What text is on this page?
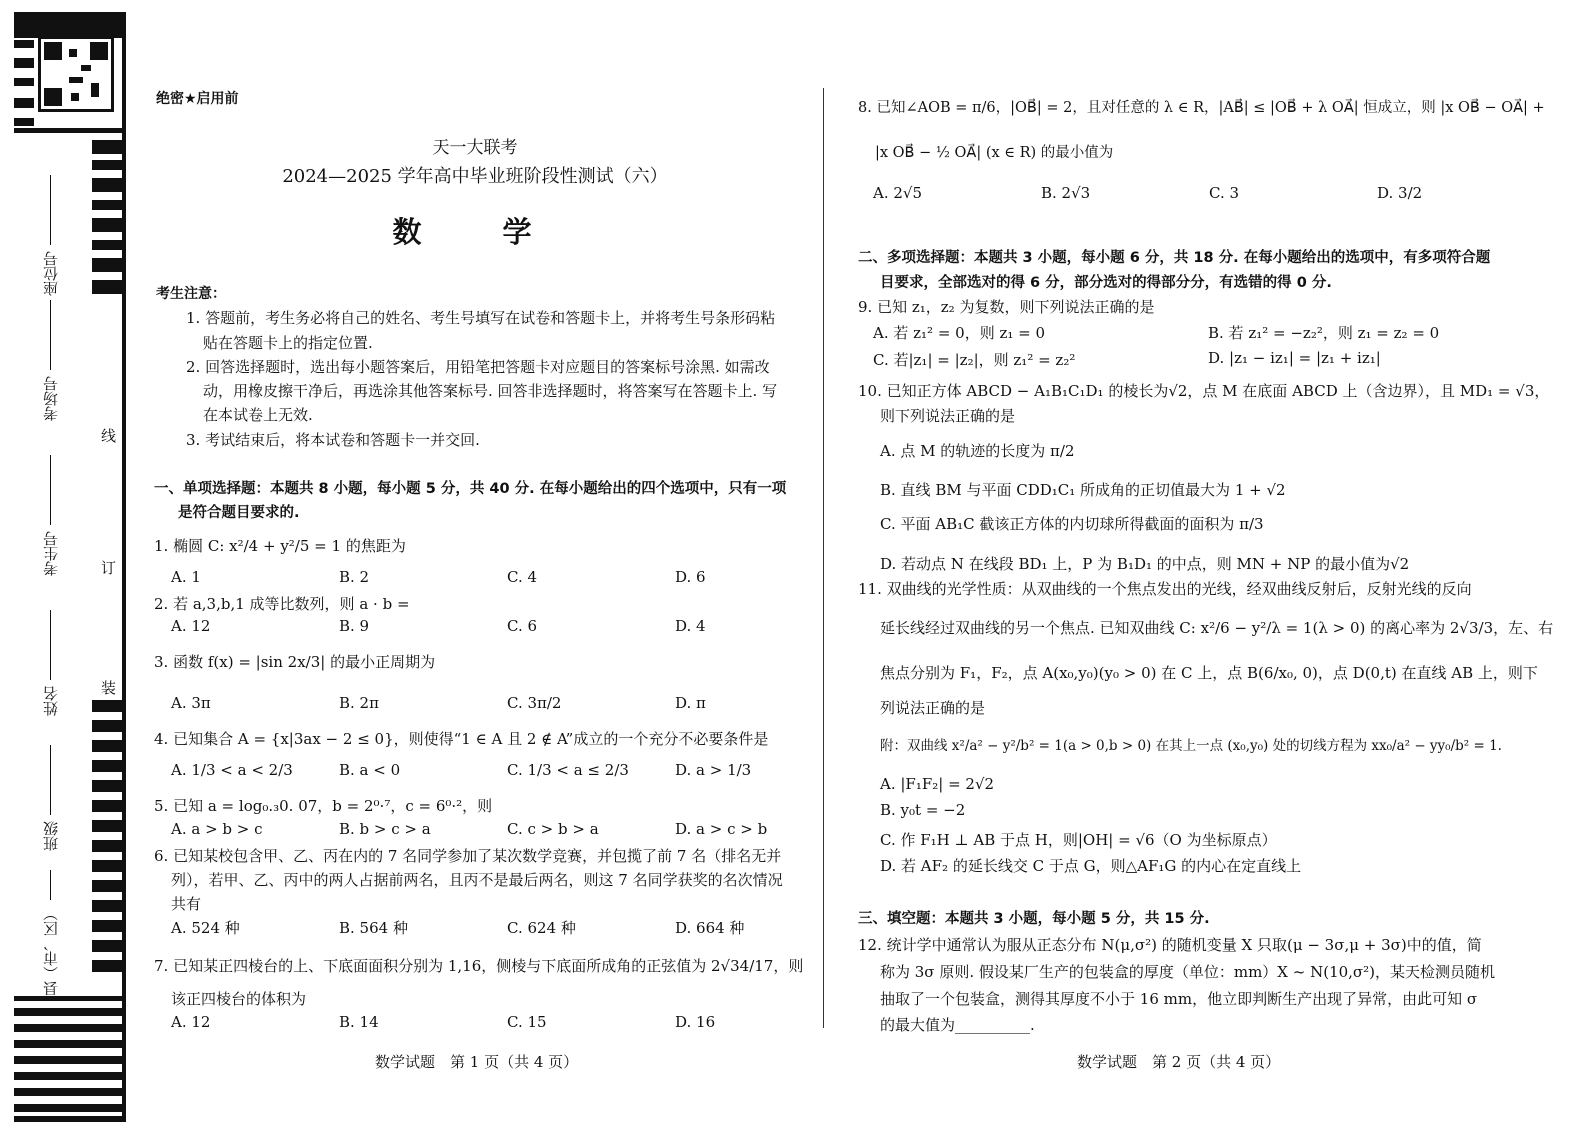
座位号
考场号
考生号
姓名
班级
县（市、区）
线
订
装
绝密★启用前
天一大联考
2024—2025 学年高中毕业班阶段性测试（六）
数　学
考生注意：
1. 答题前，考生务必将自己的姓名、考生号填写在试卷和答题卡上，并将考生号条形码粘
贴在答题卡上的指定位置.
2. 回答选择题时，选出每小题答案后，用铅笔把答题卡对应题目的答案标号涂黑. 如需改
动，用橡皮擦干净后，再选涂其他答案标号. 回答非选择题时，将答案写在答题卡上. 写
在本试卷上无效.
3. 考试结束后，将本试卷和答题卡一并交回.
一、单项选择题：本题共 8 小题，每小题 5 分，共 40 分. 在每小题给出的四个选项中，只有一项
是符合题目要求的.
1. 椭圆 C: x²/4 + y²/5 = 1 的焦距为
A. 1	B. 2	C. 4	D. 6
2. 若 a,3,b,1 成等比数列，则 a · b =
A. 12	B. 9	C. 6	D. 4
3. 函数 f(x) = |sin 2x/3| 的最小正周期为
A. 3π	B. 2π	C. 3π/2	D. π
4. 已知集合 A = {x|3ax − 2 ≤ 0}，则使得“1 ∈ A 且 2 ∉ A”成立的一个充分不必要条件是
A. 1/3 < a < 2/3	B. a < 0	C. 1/3 < a ≤ 2/3	D. a > 1/3
5. 已知 a = log₀.₃0. 07，b = 2⁰·⁷，c = 6⁰·²，则
A. a > b > c	B. b > c > a	C. c > b > a	D. a > c > b
6. 已知某校包含甲、乙、丙在内的 7 名同学参加了某次数学竞赛，并包揽了前 7 名（排名无并
列），若甲、乙、丙中的两人占据前两名，且丙不是最后两名，则这 7 名同学获奖的名次情况
共有
A. 524 种	B. 564 种	C. 624 种	D. 664 种
7. 已知某正四棱台的上、下底面面积分别为 1,16，侧棱与下底面所成角的正弦值为 2√34/17，则
该正四棱台的体积为
A. 12	B. 14	C. 15	D. 16
8. 已知∠AOB = π/6，|OB⃗| = 2，且对任意的 λ ∈ R，|AB⃗| ≤ |OB⃗ + λ OA⃗| 恒成立，则 |x OB⃗ − OA⃗| +
|x OB⃗ − ½ OA⃗| (x ∈ R) 的最小值为
A. 2√5	B. 2√3	C. 3	D. 3/2
二、多项选择题：本题共 3 小题，每小题 6 分，共 18 分. 在每小题给出的选项中，有多项符合题
目要求，全部选对的得 6 分，部分选对的得部分分，有选错的得 0 分.
9. 已知 z₁，z₂ 为复数，则下列说法正确的是
A. 若 z₁² = 0，则 z₁ = 0	B. 若 z₁² = −z₂²，则 z₁ = z₂ = 0
C. 若|z₁| = |z₂|，则 z₁² = z₂²	D. |z₁ − iz₁| = |z₁ + iz₁|
10. 已知正方体 ABCD − A₁B₁C₁D₁ 的棱长为√2，点 M 在底面 ABCD 上（含边界），且 MD₁ = √3，
则下列说法正确的是
A. 点 M 的轨迹的长度为 π/2
B. 直线 BM 与平面 CDD₁C₁ 所成角的正切值最大为 1 + √2
C. 平面 AB₁C 截该正方体的内切球所得截面的面积为 π/3
D. 若动点 N 在线段 BD₁ 上，P 为 B₁D₁ 的中点，则 MN + NP 的最小值为√2
11. 双曲线的光学性质：从双曲线的一个焦点发出的光线，经双曲线反射后，反射光线的反向
延长线经过双曲线的另一个焦点. 已知双曲线 C: x²/6 − y²/λ = 1(λ > 0) 的离心率为 2√3/3，左、右
焦点分别为 F₁，F₂，点 A(x₀,y₀)(y₀ > 0) 在 C 上，点 B(6/x₀, 0)，点 D(0,t) 在直线 AB 上，则下
列说法正确的是
附：双曲线 x²/a² − y²/b² = 1(a > 0,b > 0) 在其上一点 (x₀,y₀) 处的切线方程为 xx₀/a² − yy₀/b² = 1.
A. |F₁F₂| = 2√2
B. y₀t = −2
C. 作 F₁H ⊥ AB 于点 H，则|OH| = √6（O 为坐标原点）
D. 若 AF₂ 的延长线交 C 于点 G，则△AF₁G 的内心在定直线上
三、填空题：本题共 3 小题，每小题 5 分，共 15 分.
12. 统计学中通常认为服从正态分布 N(μ,σ²) 的随机变量 X 只取(μ − 3σ,μ + 3σ)中的值，简
称为 3σ 原则. 假设某厂生产的包装盒的厚度（单位：mm）X ~ N(10,σ²)，某天检测员随机
抽取了一个包装盒，测得其厚度不小于 16 mm，他立即判断生产出现了异常，由此可知 σ
的最大值为__________.
数学试题　第 1 页（共 4 页）	数学试题　第 2 页（共 4 页）
